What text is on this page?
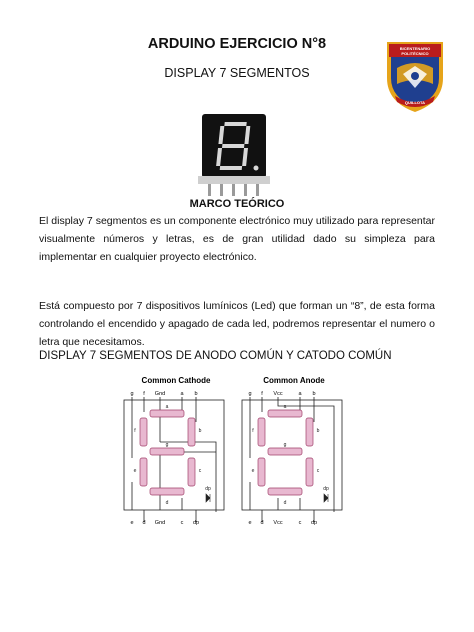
ARDUINO EJERCICIO N°8
DISPLAY 7 SEGMENTOS
BICENTENARIO
POLITÉCNICO
QUILLOTA
MARCO TEÓRICO
El display 7 segmentos es un componente electrónico muy utilizado para representar visualmente números y letras, es de gran utilidad dado su simpleza para implementar en cualquier proyecto electrónico.
Está compuesto por 7 dispositivos lumínicos (Led) que forman un “8”, de esta forma controlando el encendido y apagado de cada led, podremos representar el numero o letra que necesitamos.
DISPLAY 7 SEGMENTOS DE ANODO COMÚN Y CATODO COMÚN
Common Cathode
g f Gnd	a b
a
b
c
d
e
f
g
dp
e d Gnd	c dp
Common Anode
g f Vcc	a b
a
b
c
d
e
f
g
dp
e d Vcc	c dp
